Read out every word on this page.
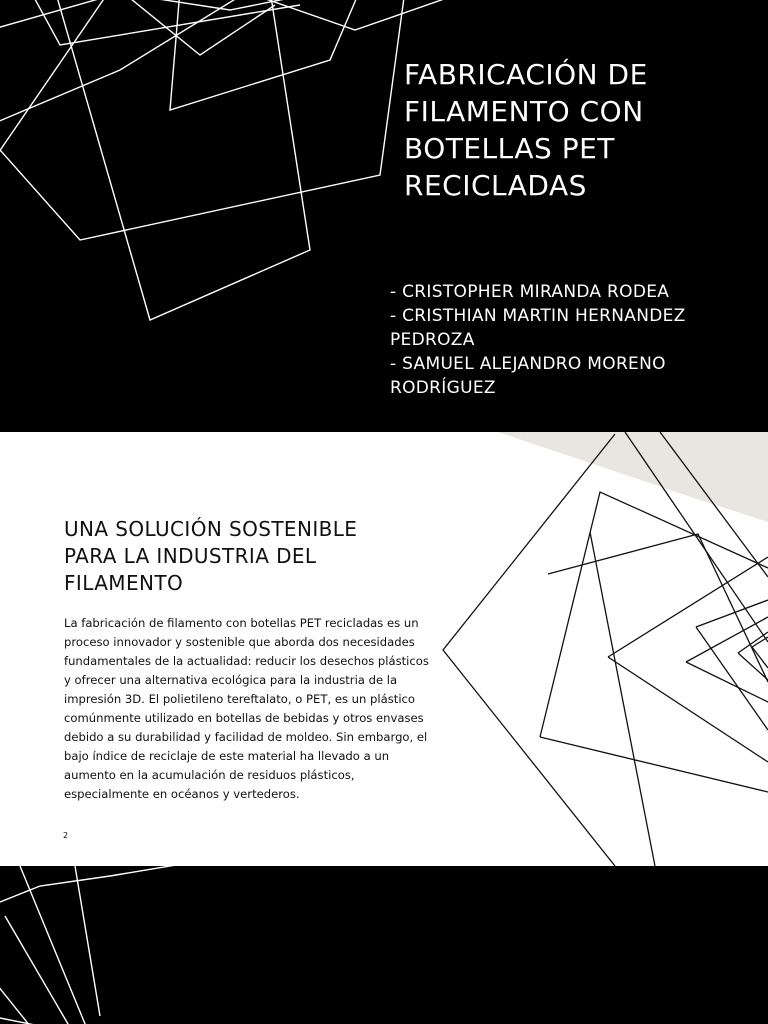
FABRICACIÓN DE FILAMENTO CON BOTELLAS PET RECICLADAS
- CRISTOPHER MIRANDA RODEA
- CRISTHIAN MARTIN HERNANDEZ PEDROZA
- SAMUEL ALEJANDRO MORENO RODRÍGUEZ
UNA SOLUCIÓN SOSTENIBLE PARA LA INDUSTRIA DEL FILAMENTO

La fabricación de filamento con botellas PET recicladas es un proceso innovador y sostenible que aborda dos necesidades fundamentales de la actualidad: reducir los desechos plásticos y ofrecer una alternativa ecológica para la industria de la impresión 3D. El polietileno tereftalato, o PET, es un plástico comúnmente utilizado en botellas de bebidas y otros envases debido a su durabilidad y facilidad de moldeo. Sin embargo, el bajo índice de reciclaje de este material ha llevado a un aumento en la acumulación de residuos plásticos, especialmente en océanos y vertederos.

2
